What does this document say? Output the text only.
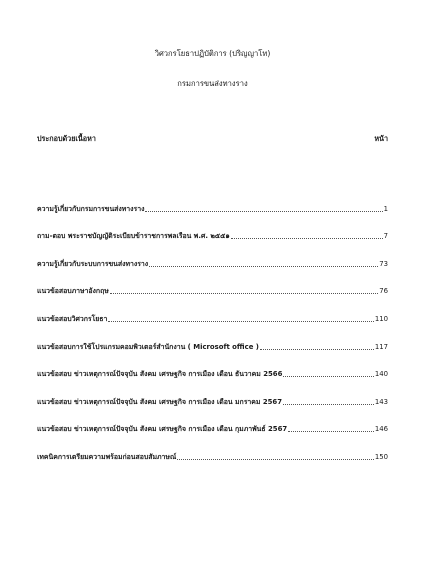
วิศวกรโยธาปฏิบัติการ (ปริญญาโท)
กรมการขนส่งทางราง
ประกอบด้วยเนื้อหา	หน้า
ความรู้เกี่ยวกับกรมการขนส่งทางราง	1
ถาม-ตอบ พระราชบัญญัติระเบียบข้าราชการพลเรือน พ.ศ. ๒๕๕๑	7
ความรู้เกี่ยวกับระบบการขนส่งทางราง	73
แนวข้อสอบภาษาอังกฤษ	76
แนวข้อสอบวิศวกรโยธา	110
แนวข้อสอบการใช้โปรแกรมคอมพิวเตอร์สำนักงาน ( Microsoft office )	117
แนวข้อสอบ ข่าวเหตุการณ์ปัจจุบัน สังคม เศรษฐกิจ การเมือง เดือน ธันวาคม 2566	140
แนวข้อสอบ ข่าวเหตุการณ์ปัจจุบัน สังคม เศรษฐกิจ การเมือง เดือน มกราคม 2567	143
แนวข้อสอบ ข่าวเหตุการณ์ปัจจุบัน สังคม เศรษฐกิจ การเมือง เดือน กุมภาพันธ์ 2567	146
เทคนิคการเตรียมความพร้อมก่อนสอบสัมภาษณ์	150
